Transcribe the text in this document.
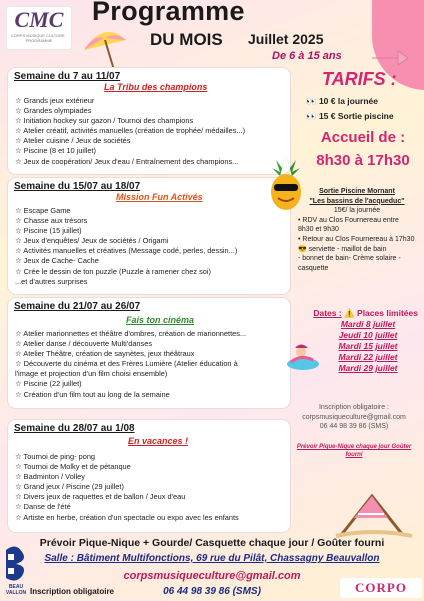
CMC
CORPS MUSIQUE CULTURE · PROGRAMME
Programme
DU MOIS Juillet 2025
De 6 à 15 ans
Semaine du 7 au 11/07
La Tribu des champions
☆ Grands jeux extérieur
☆ Grandes olympiades
☆ Initiation hockey sur gazon / Tournoi des champions
☆ Atelier créatif, activités manuelles (création de trophée/ médailles...)
☆ Atelier cuisine / Jeux de sociétés
☆ Piscine (8 et 10 juillet)
☆ Jeux de coopération/ Jeux d'eau / Entraînement des champions...
Semaine du 15/07 au 18/07
Mission Fun Activés
☆ Escape Game
☆ Chasse aux trésors
☆ Piscine (15 juillet)
☆ Jeux d'enquêtes/ Jeux de sociétés / Origami
☆ Activités manuelles et créatives (Message codé, perles, dessin...)
☆ Jeux de Cache- Cache
☆ Crée le dessin de ton puzzle (Puzzle à ramener chez soi)
...et d'autres surprises
Semaine du 21/07 au 26/07
Fais ton cinéma
☆ Atelier marionnettes et théâtre d'ombres, création de marionnettes...
☆ Atelier danse / découverte Multi'danses
☆ Atelier Théâtre, création de saynètes, jeux théâtraux
☆ Découverte du cinéma et des Frères Lumière (Atelier éducation à
l'image et projection d'un film choisi ensemble)
☆ Piscine (22 juillet)
☆ Création d'un film tout au long de la semaine
Semaine du 28/07 au 1/08
En vacances !
☆ Tournoi de ping- pong
☆ Tournoi de Molky et de pétanque
☆ Badminton / Volley
☆ Grand jeux / Piscine (29 juillet)
☆ Divers jeux de raquettes et de ballon / Jeux d'eau
☆ Danse de l'été
☆ Artiste en herbe, création d'un spectacle ou expo avec les enfants
TARIFS :
👀 10 € la journée
👀 15 € Sortie piscine
Accueil de :
8h30 à 17h30
Sortie Piscine Mornant
"Les bassins de l'acqueduc"
15€/ la journée
• RDV au Clos Fournereau entre 8h30 et 9h30
• Retour au Clos Fournereau à 17h30
😎 serviette - maillot de bain
- bonnet de bain- Crème solaire - casquette
Dates : ⚠️ Places limitées
Mardi 8 juillet
Jeudi 10 juillet
Mardi 15 juillet
Mardi 22 juillet
Mardi 29 juillet
Inscription obligatoire :
corpsmusiqueculture@gmail.com
06 44 98 39 86 (SMS)
Prévoir Pique-Nique chaque jour Goûter fourni
Prévoir Pique-Nique + Gourde/ Casquette chaque jour / Goûter fourni
Salle : Bâtiment Multifonctions, 69 rue du Pilât, Chassagny Beauvallon
corpsmusiqueculture@gmail.com
Inscription obligatoire	06 44 98 39 86 (SMS)
BEAU VALLON	CORPO
